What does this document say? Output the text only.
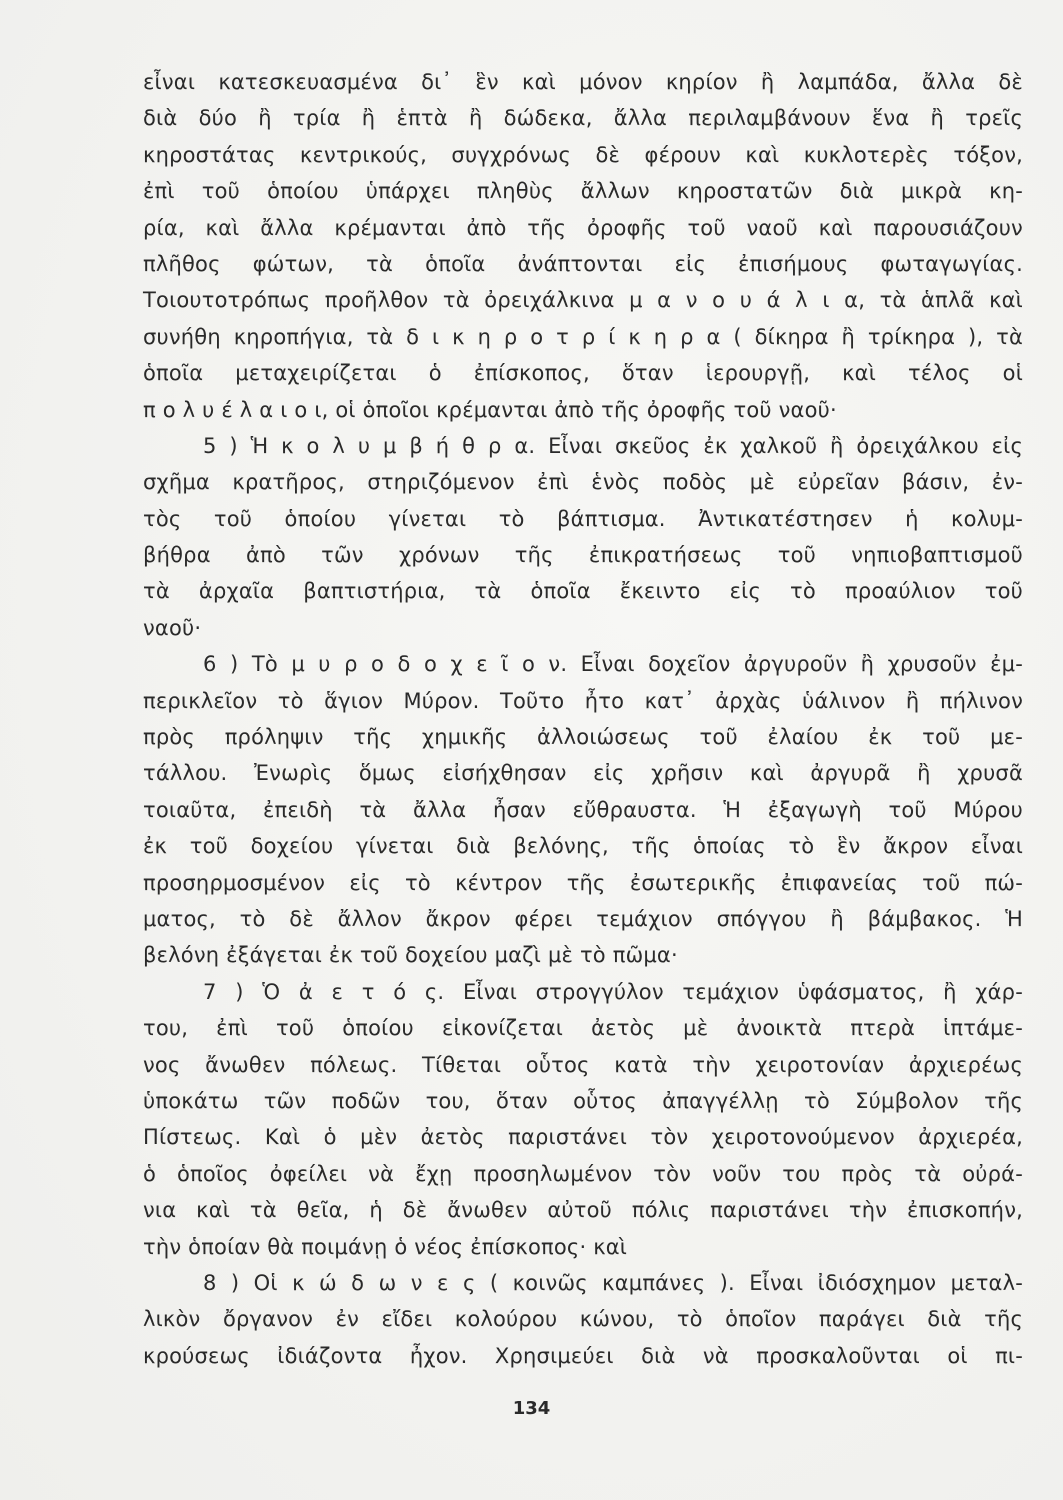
εἶναι κατεσκευασμένα δι᾽ ἓν καὶ μόνον κηρίον ἢ λαμπάδα, ἄλλα δὲ
διὰ δύο ἢ τρία ἢ ἑπτὰ ἢ δώδεκα, ἄλλα περιλαμβάνουν ἕνα ἢ τρεῖς
κηροστάτας κεντρικούς, συγχρόνως δὲ φέρουν καὶ κυκλοτερὲς τόξον,
ἐπὶ τοῦ ὁποίου ὑπάρχει πληθὺς ἄλλων κηροστατῶν διὰ μικρὰ κη-
ρία, καὶ ἄλλα κρέμανται ἀπὸ τῆς ὀροφῆς τοῦ ναοῦ καὶ παρουσιάζουν
πλῆθος φώτων, τὰ ὁποῖα ἀνάπτονται εἰς ἐπισήμους φωταγωγίας.
Τοιουτοτρόπως προῆλθον τὰ ὀρειχάλκινα μ α ν ο υ ά λ ι α, τὰ ἁπλᾶ καὶ
συνήθη κηροπήγια, τὰ δ ι κ η ρ ο τ ρ ί κ η ρ α ( δίκηρα ἢ τρίκηρα ), τὰ
ὁποῖα μεταχειρίζεται ὁ ἐπίσκοπος, ὅταν ἱερουργῇ, καὶ τέλος οἱ
π ο λ υ έ λ α ι ο ι, οἱ ὁποῖοι κρέμανται ἀπὸ τῆς ὀροφῆς τοῦ ναοῦ·
5 ) Ἡ κ ο λ υ μ β ή θ ρ α. Εἶναι σκεῦος ἐκ χαλκοῦ ἢ ὀρειχάλκου εἰς
σχῆμα κρατῆρος, στηριζόμενον ἐπὶ ἑνὸς ποδὸς μὲ εὐρεῖαν βάσιν, ἐν-
τὸς τοῦ ὁποίου γίνεται τὸ βάπτισμα. Ἀντικατέστησεν ἡ κολυμ-
βήθρα ἀπὸ τῶν χρόνων τῆς ἐπικρατήσεως τοῦ νηπιοβαπτισμοῦ
τὰ ἀρχαῖα βαπτιστήρια, τὰ ὁποῖα ἔκειντο εἰς τὸ προαύλιον τοῦ
ναοῦ·
6 ) Τὸ μ υ ρ ο δ ο χ ε ῖ ο ν. Εἶναι δοχεῖον ἀργυροῦν ἢ χρυσοῦν ἐμ-
περικλεῖον τὸ ἅγιον Μύρον. Τοῦτο ἦτο κατ᾽ ἀρχὰς ὑάλινον ἢ πήλινον
πρὸς πρόληψιν τῆς χημικῆς ἀλλοιώσεως τοῦ ἐλαίου ἐκ τοῦ με-
τάλλου. Ἐνωρὶς ὅμως εἰσήχθησαν εἰς χρῆσιν καὶ ἀργυρᾶ ἢ χρυσᾶ
τοιαῦτα, ἐπειδὴ τὰ ἄλλα ἦσαν εὔθραυστα. Ἡ ἐξαγωγὴ τοῦ Μύρου
ἐκ τοῦ δοχείου γίνεται διὰ βελόνης, τῆς ὁποίας τὸ ἓν ἄκρον εἶναι
προσηρμοσμένον εἰς τὸ κέντρον τῆς ἐσωτερικῆς ἐπιφανείας τοῦ πώ-
ματος, τὸ δὲ ἄλλον ἄκρον φέρει τεμάχιον σπόγγου ἢ βάμβακος. Ἡ
βελόνη ἐξάγεται ἐκ τοῦ δοχείου μαζὶ μὲ τὸ πῶμα·
7 ) Ὁ ἀ ε τ ό ς. Εἶναι στρογγύλον τεμάχιον ὑφάσματος, ἢ χάρ-
του, ἐπὶ τοῦ ὁποίου εἰκονίζεται ἀετὸς μὲ ἀνοικτὰ πτερὰ ἱπτάμε-
νος ἄνωθεν πόλεως. Τίθεται οὗτος κατὰ τὴν χειροτονίαν ἀρχιερέως
ὑποκάτω τῶν ποδῶν του, ὅταν οὗτος ἀπαγγέλλῃ τὸ Σύμβολον τῆς
Πίστεως. Καὶ ὁ μὲν ἀετὸς παριστάνει τὸν χειροτονούμενον ἀρχιερέα,
ὁ ὁποῖος ὀφείλει νὰ ἔχῃ προσηλωμένον τὸν νοῦν του πρὸς τὰ οὐρά-
νια καὶ τὰ θεῖα, ἡ δὲ ἄνωθεν αὐτοῦ πόλις παριστάνει τὴν ἐπισκοπήν,
τὴν ὁποίαν θὰ ποιμάνῃ ὁ νέος ἐπίσκοπος· καὶ
8 ) Οἱ κ ώ δ ω ν ε ς ( κοινῶς καμπάνες ). Εἶναι ἰδιόσχημον μεταλ-
λικὸν ὄργανον ἐν εἴδει κολούρου κώνου, τὸ ὁποῖον παράγει διὰ τῆς
κρούσεως ἰδιάζοντα ἦχον. Χρησιμεύει διὰ νὰ προσκαλοῦνται οἱ πι-
134
